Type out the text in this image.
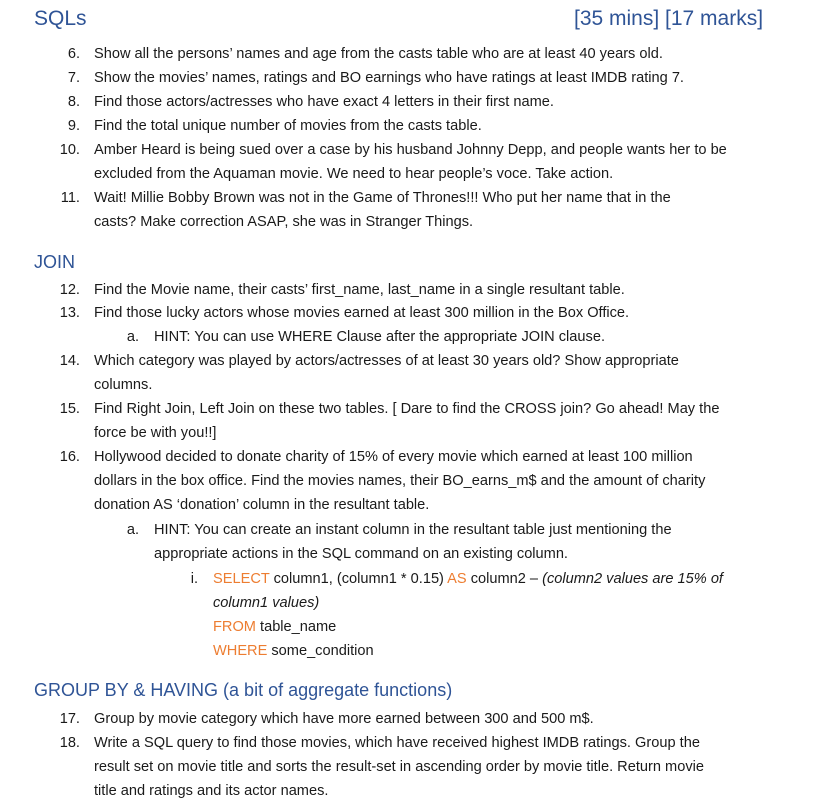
SQLs	[35 mins] [17 marks]
6. Show all the persons’ names and age from the casts table who are at least 40 years old.
7. Show the movies’ names, ratings and BO earnings who have ratings at least IMDB rating 7.
8. Find those actors/actresses who have exact 4 letters in their first name.
9. Find the total unique number of movies from the casts table.
10. Amber Heard is being sued over a case by his husband Johnny Depp, and people wants her to be
excluded from the Aquaman movie. We need to hear people’s voce. Take action.
11. Wait! Millie Bobby Brown was not in the Game of Thrones!!! Who put her name that in the
casts? Make correction ASAP, she was in Stranger Things.
JOIN
12. Find the Movie name, their casts’ first_name, last_name in a single resultant table.
13. Find those lucky actors whose movies earned at least 300 million in the Box Office.
a. HINT: You can use WHERE Clause after the appropriate JOIN clause.
14. Which category was played by actors/actresses of at least 30 years old? Show appropriate
columns.
15. Find Right Join, Left Join on these two tables. [ Dare to find the CROSS join? Go ahead! May the
force be with you!!]
16. Hollywood decided to donate charity of 15% of every movie which earned at least 100 million
dollars in the box office. Find the movies names, their BO_earns_m$ and the amount of charity
donation AS ‘donation’ column in the resultant table.
a. HINT: You can create an instant column in the resultant table just mentioning the
appropriate actions in the SQL command on an existing column.
i. SELECT column1, (column1 * 0.15) AS column2 – (column2 values are 15% of
column1 values)
FROM table_name
WHERE some_condition
GROUP BY & HAVING (a bit of aggregate functions)
17. Group by movie category which have more earned between 300 and 500 m$.
18. Write a SQL query to find those movies, which have received highest IMDB ratings. Group the
result set on movie title and sorts the result-set in ascending order by movie title. Return movie
title and ratings and its actor names.
